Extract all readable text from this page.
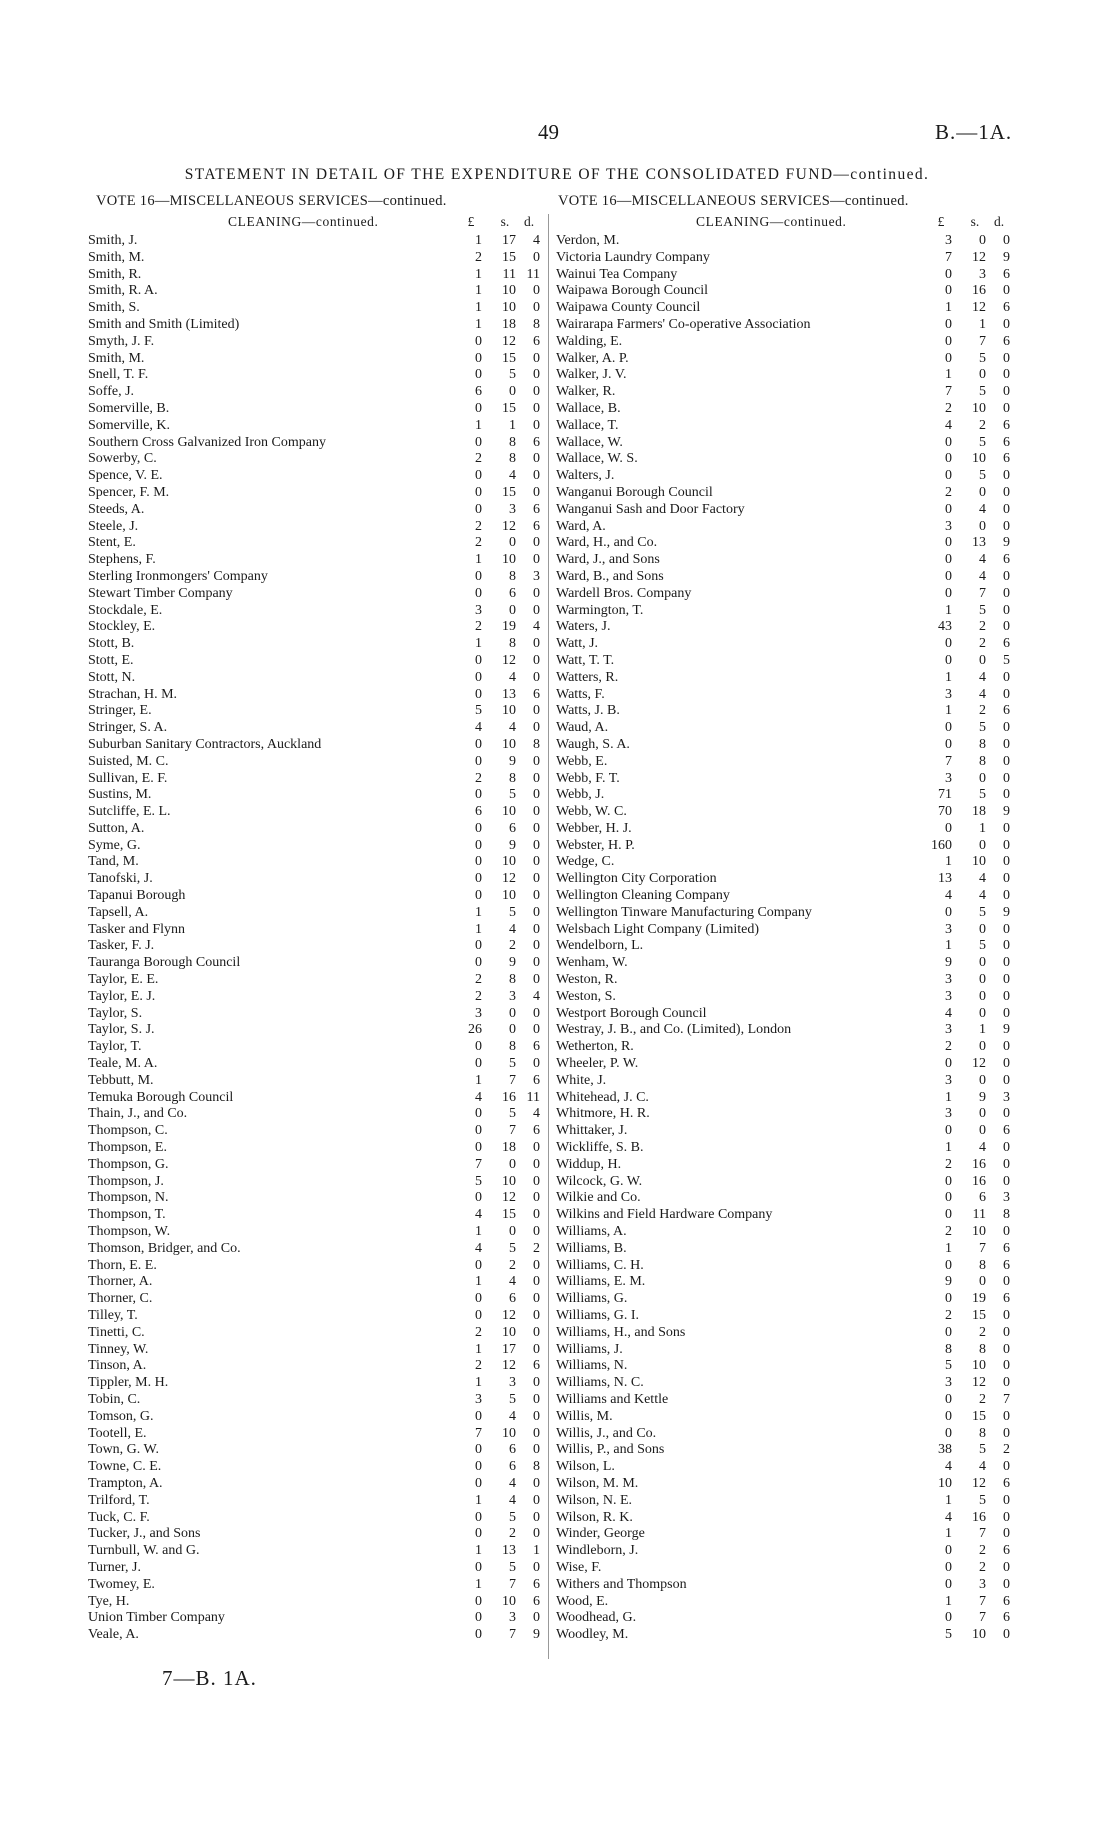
49	B.—1A.
STATEMENT IN DETAIL OF THE EXPENDITURE OF THE CONSOLIDATED FUND—continued.
VOTE 16—MISCELLANEOUS SERVICES—continued.	VOTE 16—MISCELLANEOUS SERVICES—continued.
CLEANING—continued.	£	s.	d.
Smith, J.	1	17	4
Smith, M.	2	15	0
Smith, R.	1	11 11
Smith, R. A.	1	10	0
Smith, S.	1	10	0
Smith and Smith (Limited)	1	18	8
Smyth, J. F.	0	12	6
Smith, M.	0	15	0
Snell, T. F.	0	5	0
Soffe, J.	6	0	0
Somerville, B.	0	15	0
Somerville, K.	1	1	0
Southern Cross Galvanized Iron Company	0	8	6
Sowerby, C.	2	8	0
Spence, V. E.	0	4	0
Spencer, F. M.	0	15	0
Steeds, A.	0	3	6
Steele, J.	2	12	6
Stent, E.	2	0	0
Stephens, F.	1	10	0
Sterling Ironmongers' Company	0	8	3
Stewart Timber Company	0	6	0
Stockdale, E.	3	0	0
Stockley, E.	2	19	4
Stott, B.	1	8	0
Stott, E.	0	12	0
Stott, N.	0	4	0
Strachan, H. M.	0	13	6
Stringer, E.	5	10	0
Stringer, S. A.	4	4	0
Suburban Sanitary Contractors, Auckland	0	10	8
Suisted, M. C.	0	9	0
Sullivan, E. F.	2	8	0
Sustins, M.	0	5	0
Sutcliffe, E. L.	6	10	0
Sutton, A.	0	6	0
Syme, G.	0	9	0
Tand, M.	0	10	0
Tanofski, J.	0	12	0
Tapanui Borough	0	10	0
Tapsell, A.	1	5	0
Tasker and Flynn	1	4	0
Tasker, F. J.	0	2	0
Tauranga Borough Council	0	9	0
Taylor, E. E.	2	8	0
Taylor, E. J.	2	3	4
Taylor, S.	3	0	0
Taylor, S. J.	26	0	0
Taylor, T.	0	8	6
Teale, M. A.	0	5	0
Tebbutt, M.	1	7	6
Temuka Borough Council	4	16 11
Thain, J., and Co.	0	5	4
Thompson, C.	0	7	6
Thompson, E.	0	18	0
Thompson, G.	7	0	0
Thompson, J.	5	10	0
Thompson, N.	0	12	0
Thompson, T.	4	15	0
Thompson, W.	1	0	0
Thomson, Bridger, and Co.	4	5	2
Thorn, E. E.	0	2	0
Thorner, A.	1	4	0
Thorner, C.	0	6	0
Tilley, T.	0	12	0
Tinetti, C.	2	10	0
Tinney, W.	1	17	0
Tinson, A.	2	12	6
Tippler, M. H.	1	3	0
Tobin, C.	3	5	0
Tomson, G.	0	4	0
Tootell, E.	7	10	0
Town, G. W.	0	6	0
Towne, C. E.	0	6	8
Trampton, A.	0	4	0
Trilford, T.	1	4	0
Tuck, C. F.	0	5	0
Tucker, J., and Sons	0	2	0
Turnbull, W. and G.	1	13	1
Turner, J.	0	5	0
Twomey, E.	1	7	6
Tye, H.	0	10	6
Union Timber Company	0	3	0
Veale, A.	0	7	9
CLEANING—continued.	£	s.	d.
Verdon, M.	3	0	0
Victoria Laundry Company	7	12	9
Wainui Tea Company	0	3	6
Waipawa Borough Council	0	16	0
Waipawa County Council	1	12	6
Wairarapa Farmers' Co-operative Association	0	1	0
Walding, E.	0	7	6
Walker, A. P.	0	5	0
Walker, J. V.	1	0	0
Walker, R.	7	5	0
Wallace, B.	2	10	0
Wallace, T.	4	2	6
Wallace, W.	0	5	6
Wallace, W. S.	0	10	6
Walters, J.	0	5	0
Wanganui Borough Council	2	0	0
Wanganui Sash and Door Factory	0	4	0
Ward, A.	3	0	0
Ward, H., and Co.	0	13	9
Ward, J., and Sons	0	4	6
Ward, B., and Sons	0	4	0
Wardell Bros. Company	0	7	0
Warmington, T.	1	5	0
Waters, J.	43	2	0
Watt, J.	0	2	6
Watt, T. T.	0	0	5
Watters, R.	1	4	0
Watts, F.	3	4	0
Watts, J. B.	1	2	6
Waud, A.	0	5	0
Waugh, S. A.	0	8	0
Webb, E.	7	8	0
Webb, F. T.	3	0	0
Webb, J.	71	5	0
Webb, W. C.	70	18	9
Webber, H. J.	0	1	0
Webster, H. P.	160	0	0
Wedge, C.	1	10	0
Wellington City Corporation	13	4	0
Wellington Cleaning Company	4	4	0
Wellington Tinware Manufacturing Company	0	5	9
Welsbach Light Company (Limited)	3	0	0
Wendelborn, L.	1	5	0
Wenham, W.	9	0	0
Weston, R.	3	0	0
Weston, S.	3	0	0
Westport Borough Council	4	0	0
Westray, J. B., and Co. (Limited), London	3	1	9
Wetherton, R.	2	0	0
Wheeler, P. W.	0	12	0
White, J.	3	0	0
Whitehead, J. C.	1	9	3
Whitmore, H. R.	3	0	0
Whittaker, J.	0	0	6
Wickliffe, S. B.	1	4	0
Widdup, H.	2	16	0
Wilcock, G. W.	0	16	0
Wilkie and Co.	0	6	3
Wilkins and Field Hardware Company	0	11	8
Williams, A.	2	10	0
Williams, B.	1	7	6
Williams, C. H.	0	8	6
Williams, E. M.	9	0	0
Williams, G.	0	19	6
Williams, G. I.	2	15	0
Williams, H., and Sons	0	2	0
Williams, J.	8	8	0
Williams, N.	5	10	0
Williams, N. C.	3	12	0
Williams and Kettle	0	2	7
Willis, M.	0	15	0
Willis, J., and Co.	0	8	0
Willis, P., and Sons	38	5	2
Wilson, L.	4	4	0
Wilson, M. M.	10	12	6
Wilson, N. E.	1	5	0
Wilson, R. K.	4	16	0
Winder, George	1	7	0
Windleborn, J.	0	2	6
Wise, F.	0	2	0
Withers and Thompson	0	3	0
Wood, E.	1	7	6
Woodhead, G.	0	7	6
Woodley, M.	5	10	0
7—B. 1A.
